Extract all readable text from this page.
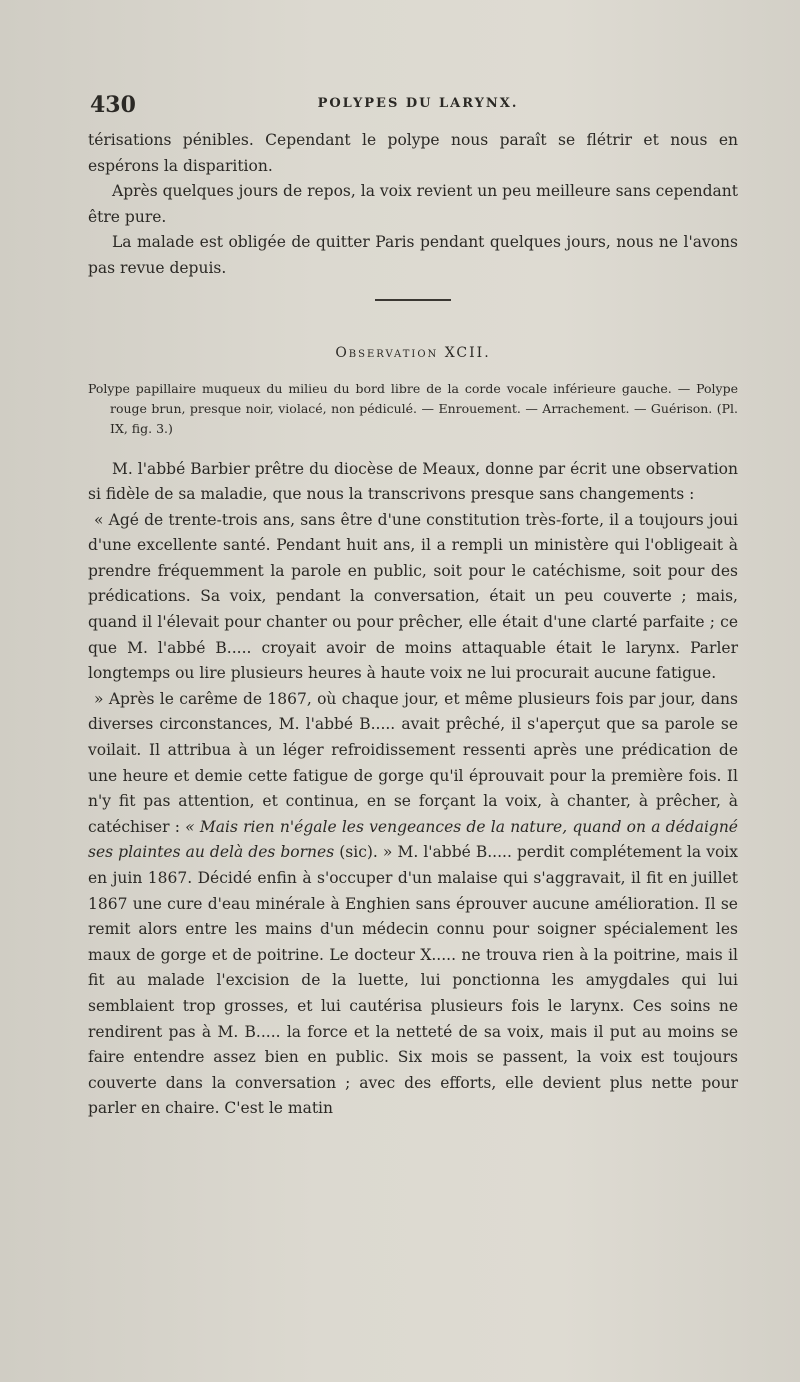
430	POLYPES DU LARYNX.

térisations pénibles. Cependant le polype nous paraît se flétrir et nous en espérons la disparition.

Après quelques jours de repos, la voix revient un peu meilleure sans cependant être pure.

La malade est obligée de quitter Paris pendant quelques jours, nous ne l'avons pas revue depuis.

Observation XCII.
Polype papillaire muqueux du milieu du bord libre de la corde vocale inférieure gauche. — Polype rouge brun, presque noir, violacé, non pédiculé. — Enrouement. — Arrachement. — Guérison. (Pl. IX, fig. 3.)

M. l'abbé Barbier prêtre du diocèse de Meaux, donne par écrit une observation si fidèle de sa maladie, que nous la transcrivons presque sans changements :

« Agé de trente-trois ans, sans être d'une constitution très-forte, il a toujours joui d'une excellente santé. Pendant huit ans, il a rempli un ministère qui l'obligeait à prendre fréquemment la parole en public, soit pour le catéchisme, soit pour des prédications. Sa voix, pendant la conversation, était un peu couverte ; mais, quand il l'élevait pour chanter ou pour prêcher, elle était d'une clarté parfaite ; ce que M. l'abbé B..... croyait avoir de moins attaquable était le larynx. Parler longtemps ou lire plusieurs heures à haute voix ne lui procurait aucune fatigue.

» Après le carême de 1867, où chaque jour, et même plusieurs fois par jour, dans diverses circonstances, M. l'abbé B..... avait prêché, il s'aperçut que sa parole se voilait. Il attribua à un léger refroidissement ressenti après une prédication de une heure et demie cette fatigue de gorge qu'il éprouvait pour la première fois. Il n'y fit pas attention, et continua, en se forçant la voix, à chanter, à prêcher, à catéchiser : « Mais rien n'égale les vengeances de la nature, quand on a dédaigné ses plaintes au delà des bornes (sic). » M. l'abbé B..... perdit complétement la voix en juin 1867. Décidé enfin à s'occuper d'un malaise qui s'aggravait, il fit en juillet 1867 une cure d'eau minérale à Enghien sans éprouver aucune amélioration. Il se remit alors entre les mains d'un médecin connu pour soigner spécialement les maux de gorge et de poitrine. Le docteur X..... ne trouva rien à la poitrine, mais il fit au malade l'excision de la luette, lui ponctionna les amygdales qui lui semblaient trop grosses, et lui cautérisa plusieurs fois le larynx. Ces soins ne rendirent pas à M. B..... la force et la netteté de sa voix, mais il put au moins se faire entendre assez bien en public. Six mois se passent, la voix est toujours couverte dans la conversation ; avec des efforts, elle devient plus nette pour parler en chaire. C'est le matin
